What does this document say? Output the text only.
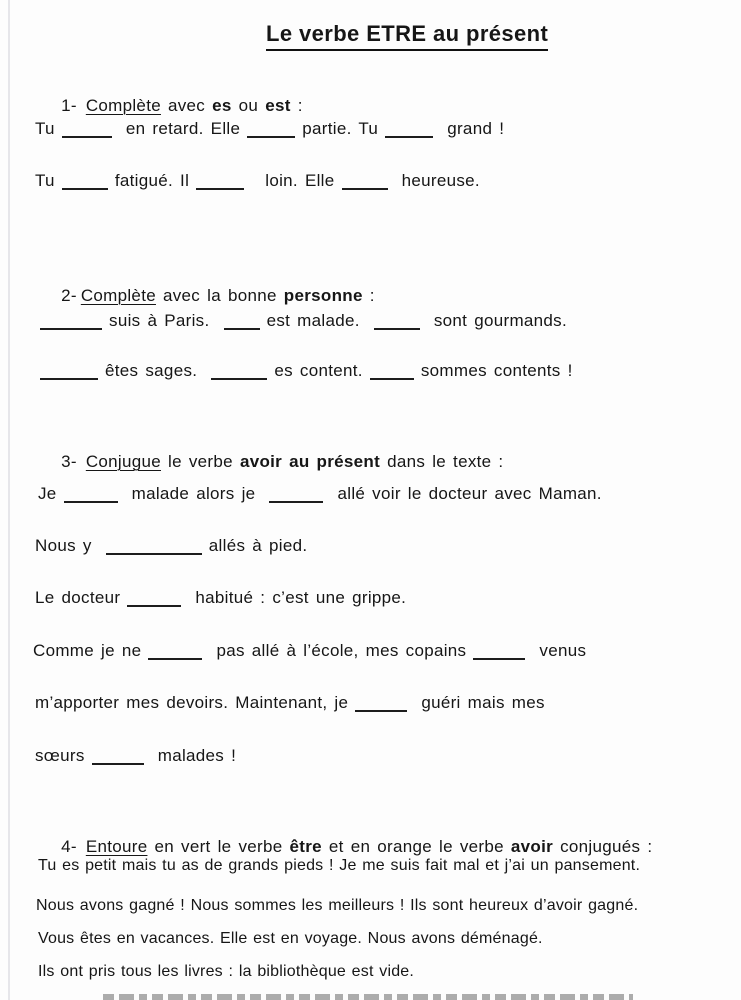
Le verbe ETRE au présent

1- Complète avec es ou est :

Tu	en retard. Elle	partie. Tu	grand !
Tu	fatigué. Il	loin. Elle	heureuse.

2- Complète avec la bonne personne :

suis à Paris.   est malade.	sont gourmands.
êtes sages.	es content.	sommes contents !

3- Conjugue le verbe avoir au présent dans le texte :

Je	malade alors je	allé voir le docteur avec Maman.
Nous y	allés à pied.
Le docteur	habitué : c’est une grippe.
Comme je ne	pas allé à l’école, mes copains	venus
m’apporter mes devoirs. Maintenant, je	guéri mais mes
sœurs	malades !

4- Entoure en vert le verbe être et en orange le verbe avoir conjugués :

Tu es petit mais tu as de grands pieds ! Je me suis fait mal et j’ai un pansement.
Nous avons gagné ! Nous sommes les meilleurs ! Ils sont heureux d’avoir gagné.
Vous êtes en vacances. Elle est en voyage. Nous avons déménagé.
Ils ont pris tous les livres : la bibliothèque est vide.
